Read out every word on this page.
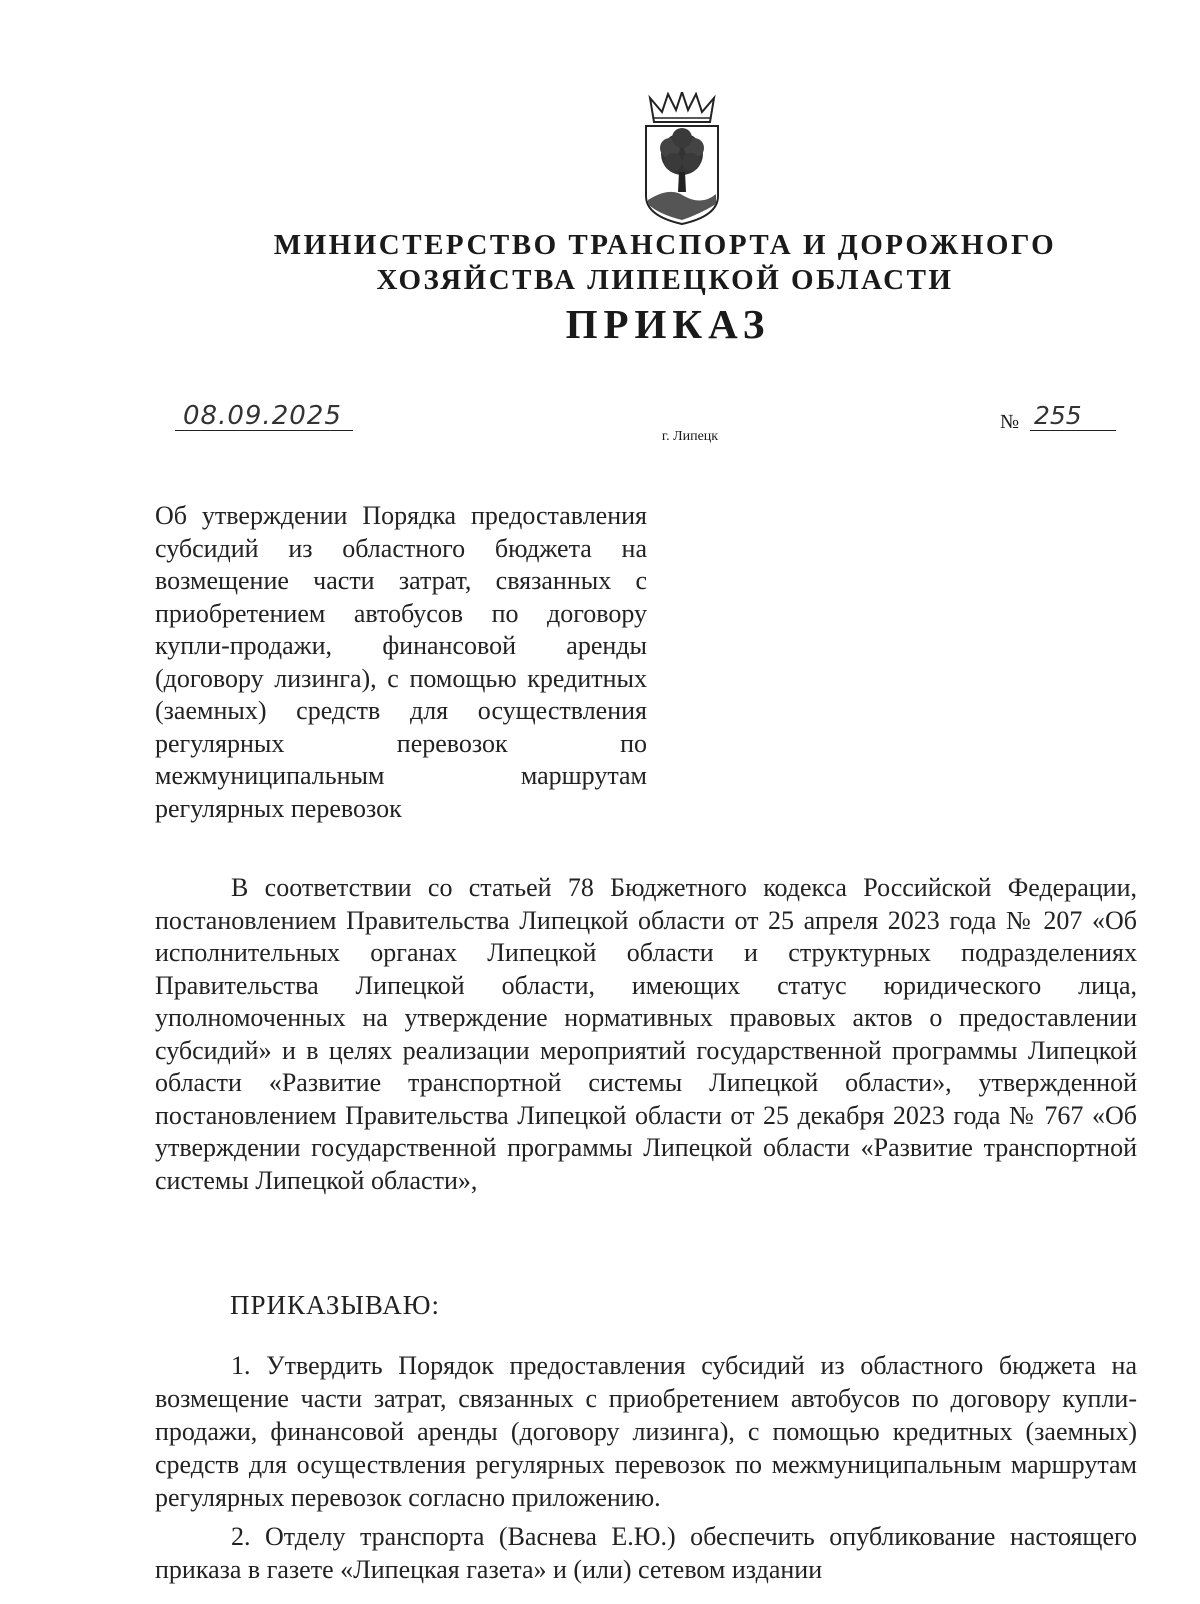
МИНИСТЕРСТВО ТРАНСПОРТА И ДОРОЖНОГО
ХОЗЯЙСТВА ЛИПЕЦКОЙ ОБЛАСТИ
ПРИКАЗ
08.09.2025
г. Липецк
№ 255
Об утверждении Порядка предоставления субсидий из областного бюджета на возмещение части затрат, связанных с приобретением автобусов по договору купли-продажи, финансовой аренды (договору лизинга), с помощью кредитных (заемных) средств для осуществления регулярных перевозок по межмуниципальным маршрутам регулярных перевозок
В соответствии со статьей 78 Бюджетного кодекса Российской Федерации, постановлением Правительства Липецкой области от 25 апреля 2023 года № 207 «Об исполнительных органах Липецкой области и структурных подразделениях Правительства Липецкой области, имеющих статус юридического лица, уполномоченных на утверждение нормативных правовых актов о предоставлении субсидий» и в целях реализации мероприятий государственной программы Липецкой области «Развитие транспортной системы Липецкой области», утвержденной постановлением Правительства Липецкой области от 25 декабря 2023 года № 767 «Об утверждении государственной программы Липецкой области «Развитие транспортной системы Липецкой области»,
ПРИКАЗЫВАЮ:

1. Утвердить Порядок предоставления субсидий из областного бюджета на возмещение части затрат, связанных с приобретением автобусов по договору купли-продажи, финансовой аренды (договору лизинга), с помощью кредитных (заемных) средств для осуществления регулярных перевозок по межмуниципальным маршрутам регулярных перевозок согласно приложению.

2. Отделу транспорта (Васнева Е.Ю.) обеспечить опубликование настоящего приказа в газете «Липецкая газета» и (или) сетевом издании
